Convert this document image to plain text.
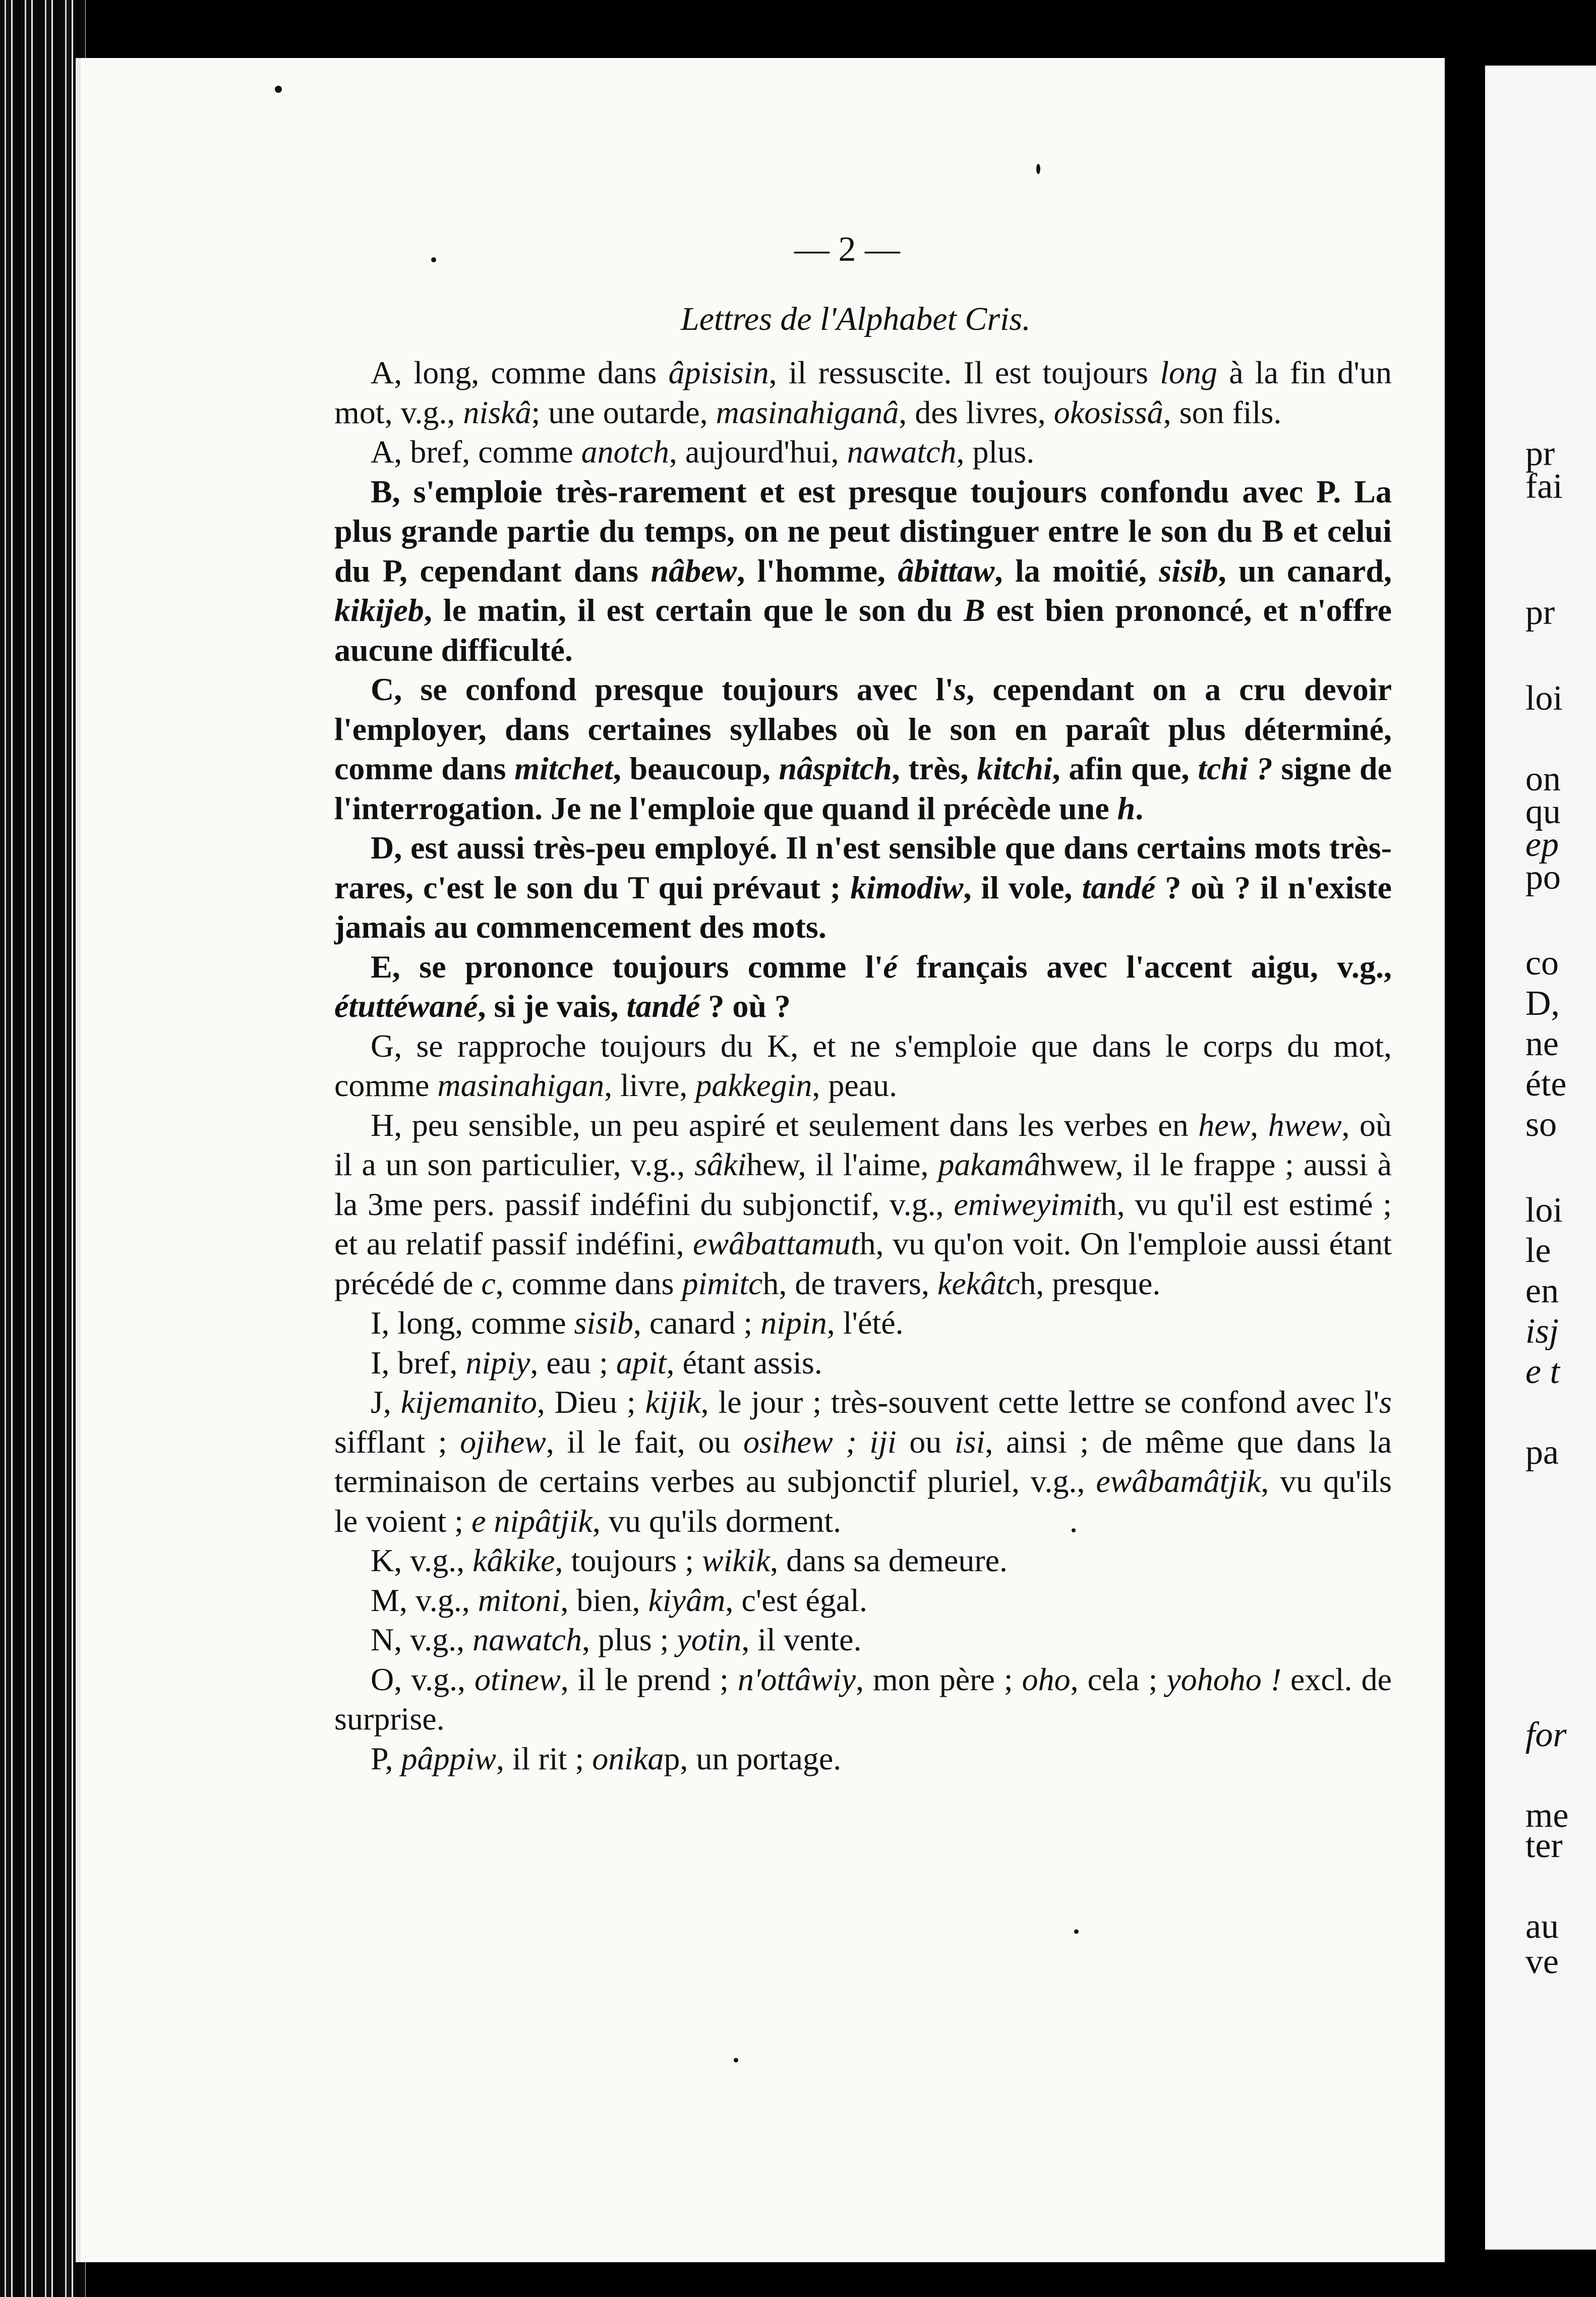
— 2 —
Lettres de l'Alphabet Cris.

A, long, comme dans âpisisin, il ressuscite. Il est toujours long à la fin d'un mot, v.g., niskâ; une outarde, masinahiganâ, des livres, okosissâ, son fils.

A, bref, comme anotch, aujourd'hui, nawatch, plus.

B, s'emploie très-rarement et est presque toujours confondu avec P. La plus grande partie du temps, on ne peut distinguer entre le son du B et celui du P, cependant dans nâbew, l'homme, âbittaw, la moitié, sisib, un canard, kikijeb, le matin, il est certain que le son du B est bien prononcé, et n'offre aucune difficulté.

C, se confond presque toujours avec l's, cependant on a cru devoir l'employer, dans certaines syllabes où le son en paraît plus déterminé, comme dans mitchet, beaucoup, nâspitch, très, kitchi, afin que, tchi ? signe de l'interrogation. Je ne l'emploie que quand il précède une h.

D, est aussi très-peu employé. Il n'est sensible que dans certains mots très-rares, c'est le son du T qui prévaut ; kimodiw, il vole, tandé ? où ? il n'existe jamais au commencement des mots.

E, se prononce toujours comme l'é français avec l'accent aigu, v.g., étuttéwané, si je vais, tandé ? où ?

G, se rapproche toujours du K, et ne s'emploie que dans le corps du mot, comme masinahigan, livre, pakkegin, peau.

H, peu sensible, un peu aspiré et seulement dans les verbes en hew, hwew, où il a un son particulier, v.g., sâkihew, il l'aime, pakamâhwew, il le frappe ; aussi à la 3me pers. passif indéfini du subjonctif, v.g., emiweyimith, vu qu'il est estimé ; et au relatif passif indéfini, ewâbattamuth, vu qu'on voit. On l'emploie aussi étant précédé de c, comme dans pimitch, de travers, kekâtch, presque.

I, long, comme sisib, canard ; nipin, l'été.

I, bref, nipiy, eau ; apit, étant assis.

J, kijemanito, Dieu ; kijik, le jour ; très-souvent cette lettre se confond avec l's sifflant ; ojihew, il le fait, ou osihew ; iji ou isi, ainsi ; de même que dans la terminaison de certains verbes au subjonctif pluriel, v.g., ewâbamâtjik, vu qu'ils le voient ; e nipâtjik, vu qu'ils dorment.

K, v.g., kâkike, toujours ; wikik, dans sa demeure.

M, v.g., mitoni, bien, kiyâm, c'est égal.

N, v.g., nawatch, plus ; yotin, il vente.

O, v.g., otinew, il le prend ; n'ottâwiy, mon père ; oho, cela ; yohoho ! excl. de surprise.

P, pâppiw, il rit ; onikap, un portage.

pr
fai
pr
loi
on
qu
ep
po
co
D,
ne
éte
so
loi
le
en
isj
e t
pa
for
me
ter
au
ve
